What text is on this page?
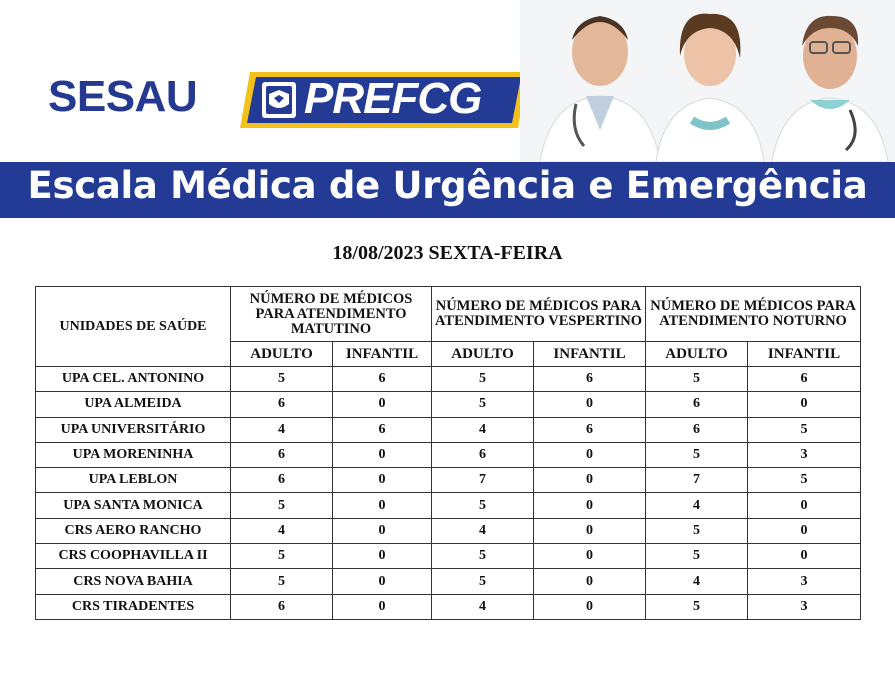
SESAU PREFCG
Escala Médica de Urgência e Emergência
18/08/2023 SEXTA-FEIRA
UNIDADES DE SAÚDE	NÚMERO DE MÉDICOS PARA ATENDIMENTO MATUTINO		NÚMERO DE MÉDICOS PARA ATENDIMENTO VESPERTINO		NÚMERO DE MÉDICOS PARA ATENDIMENTO NOTURNO	
	ADULTO	INFANTIL	ADULTO	INFANTIL	ADULTO	INFANTIL
UPA CEL. ANTONINO	5	6	5	6	5	6
UPA ALMEIDA	6	0	5	0	6	0
UPA UNIVERSITÁRIO	4	6	4	6	6	5
UPA MORENINHA	6	0	6	0	5	3
UPA LEBLON	6	0	7	0	7	5
UPA SANTA MONICA	5	0	5	0	4	0
CRS AERO RANCHO	4	0	4	0	5	0
CRS COOPHAVILLA II	5	0	5	0	5	0
CRS NOVA BAHIA	5	0	5	0	4	3
CRS TIRADENTES	6	0	4	0	5	3
